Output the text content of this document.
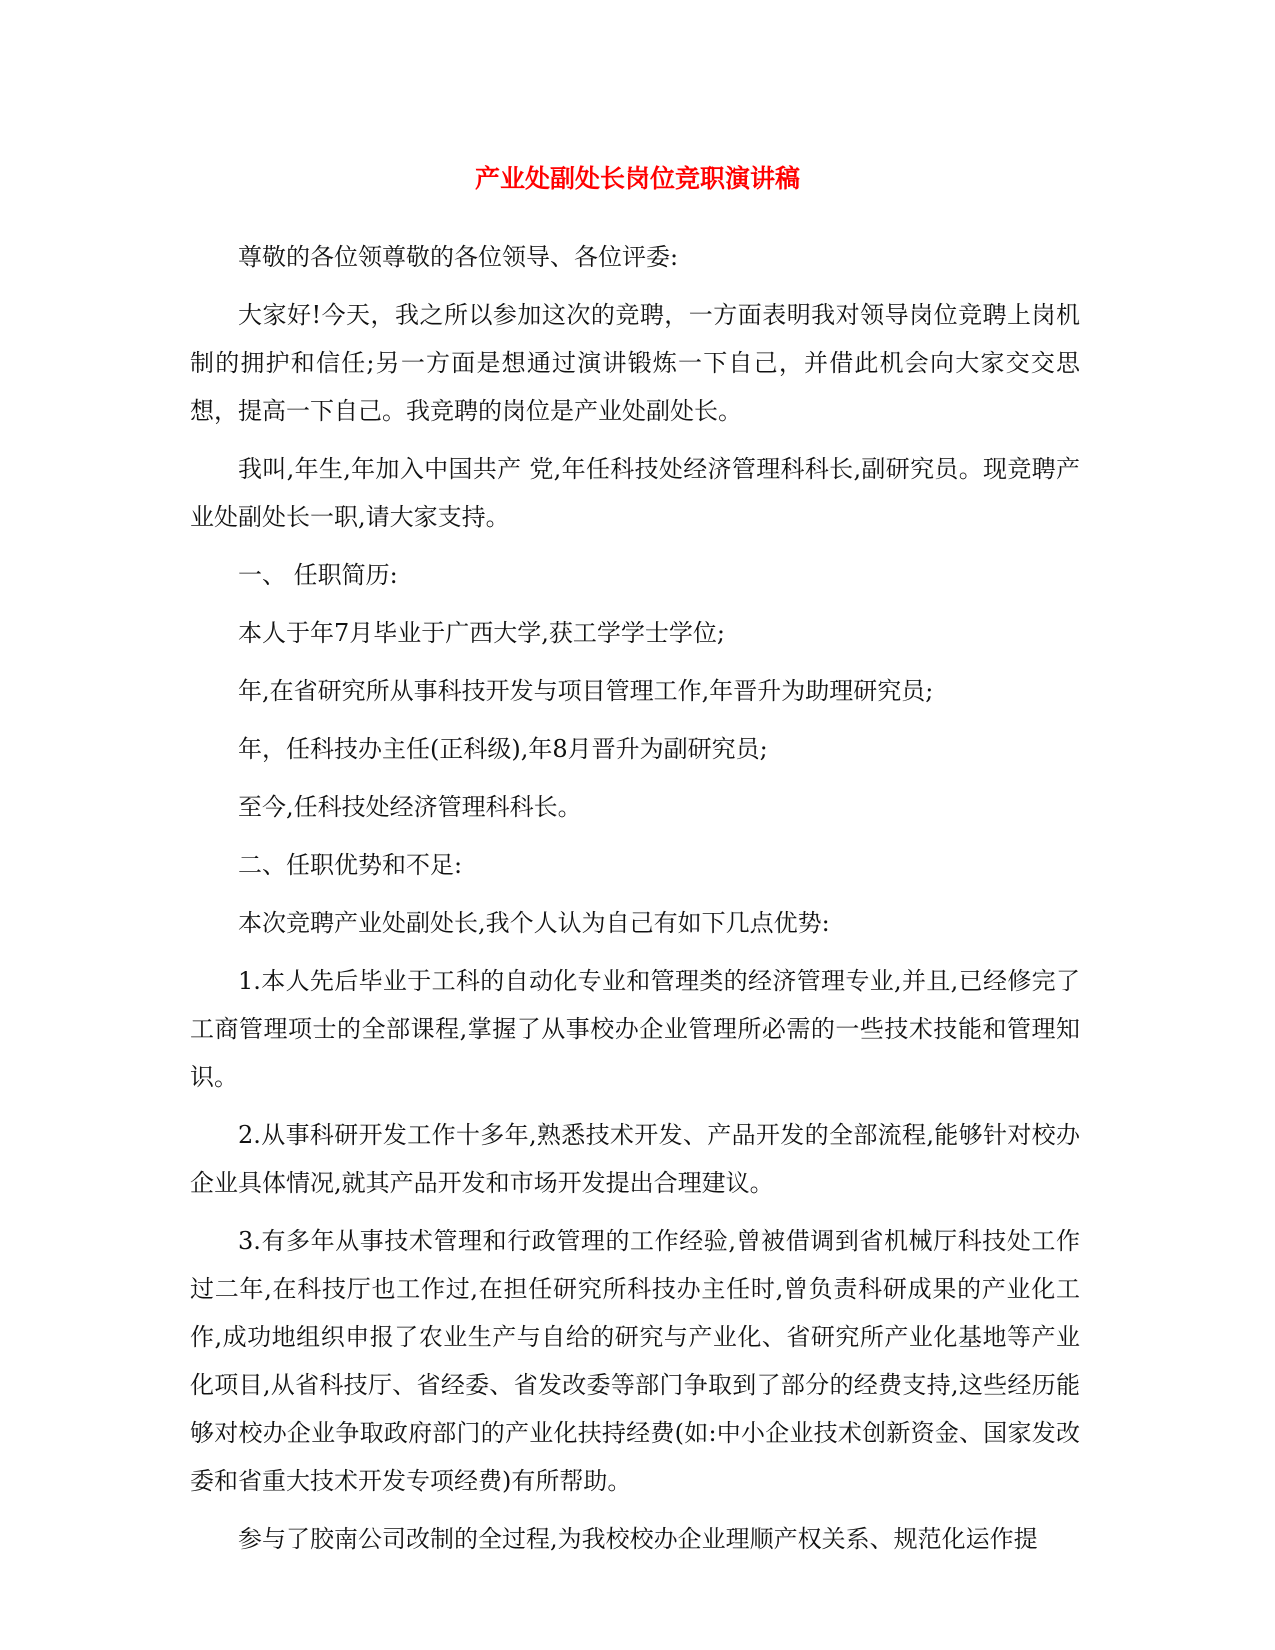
产业处副处长岗位竞职演讲稿

尊敬的各位领尊敬的各位领导、各位评委:

大家好!今天，我之所以参加这次的竞聘，一方面表明我对领导岗位竞聘上岗机制的拥护和信任;另一方面是想通过演讲锻炼一下自己，并借此机会向大家交交思想，提高一下自己。我竞聘的岗位是产业处副处长。

我叫,年生,年加入中国共产 党,年任科技处经济管理科科长,副研究员。现竞聘产业处副处长一职,请大家支持。

一、 任职简历:

本人于年7月毕业于广西大学,获工学学士学位;

年,在省研究所从事科技开发与项目管理工作,年晋升为助理研究员;

年，任科技办主任(正科级),年8月晋升为副研究员;

至今,任科技处经济管理科科长。

二、任职优势和不足:

本次竞聘产业处副处长,我个人认为自己有如下几点优势:

1.本人先后毕业于工科的自动化专业和管理类的经济管理专业,并且,已经修完了工商管理项士的全部课程,掌握了从事校办企业管理所必需的一些技术技能和管理知识。

2.从事科研开发工作十多年,熟悉技术开发、产品开发的全部流程,能够针对校办企业具体情况,就其产品开发和市场开发提出合理建议。

3.有多年从事技术管理和行政管理的工作经验,曾被借调到省机械厅科技处工作过二年,在科技厅也工作过,在担任研究所科技办主任时,曾负责科研成果的产业化工作,成功地组织申报了农业生产与自给的研究与产业化、省研究所产业化基地等产业化项目,从省科技厅、省经委、省发改委等部门争取到了部分的经费支持,这些经历能够对校办企业争取政府部门的产业化扶持经费(如:中小企业技术创新资金、国家发改委和省重大技术开发专项经费)有所帮助。

参与了胶南公司改制的全过程,为我校校办企业理顺产权关系、规范化运作提
